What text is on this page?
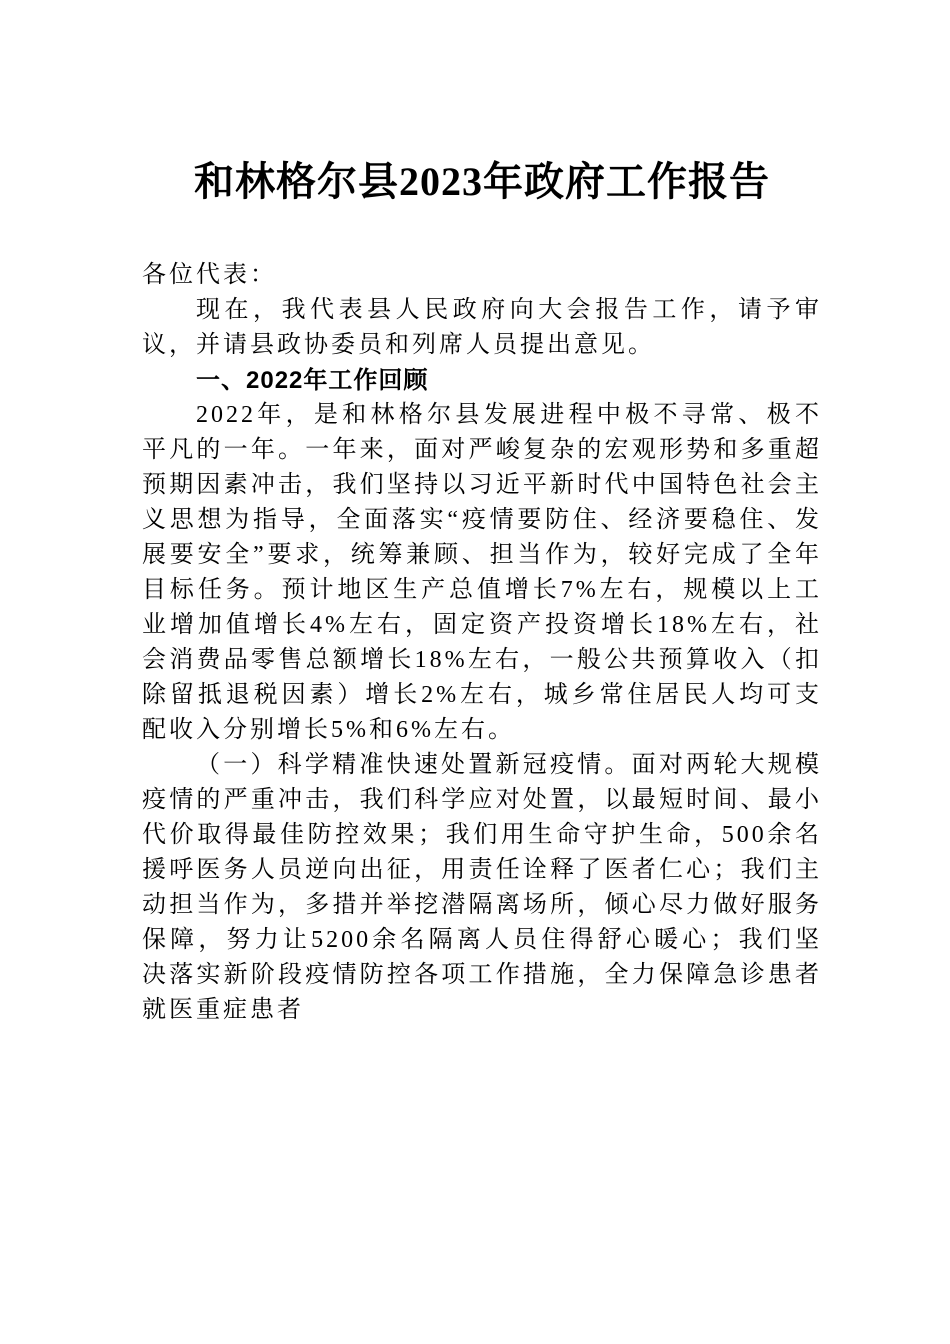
和林格尔县2023年政府工作报告

各位代表：

现在，我代表县人民政府向大会报告工作，请予审议，并请县政协委员和列席人员提出意见。

一、2022年工作回顾

2022年，是和林格尔县发展进程中极不寻常、极不平凡的一年。一年来，面对严峻复杂的宏观形势和多重超预期因素冲击，我们坚持以习近平新时代中国特色社会主义思想为指导，全面落实“疫情要防住、经济要稳住、发展要安全”要求，统筹兼顾、担当作为，较好完成了全年目标任务。预计地区生产总值增长7%左右，规模以上工业增加值增长4%左右，固定资产投资增长18%左右，社会消费品零售总额增长18%左右，一般公共预算收入（扣除留抵退税因素）增长2%左右，城乡常住居民人均可支配收入分别增长5%和6%左右。

（一）科学精准快速处置新冠疫情。面对两轮大规模疫情的严重冲击，我们科学应对处置，以最短时间、最小代价取得最佳防控效果；我们用生命守护生命，500余名援呼医务人员逆向出征，用责任诠释了医者仁心；我们主动担当作为，多措并举挖潜隔离场所，倾心尽力做好服务保障，努力让5200余名隔离人员住得舒心暖心；我们坚决落实新阶段疫情防控各项工作措施，全力保障急诊患者就医重症患者
